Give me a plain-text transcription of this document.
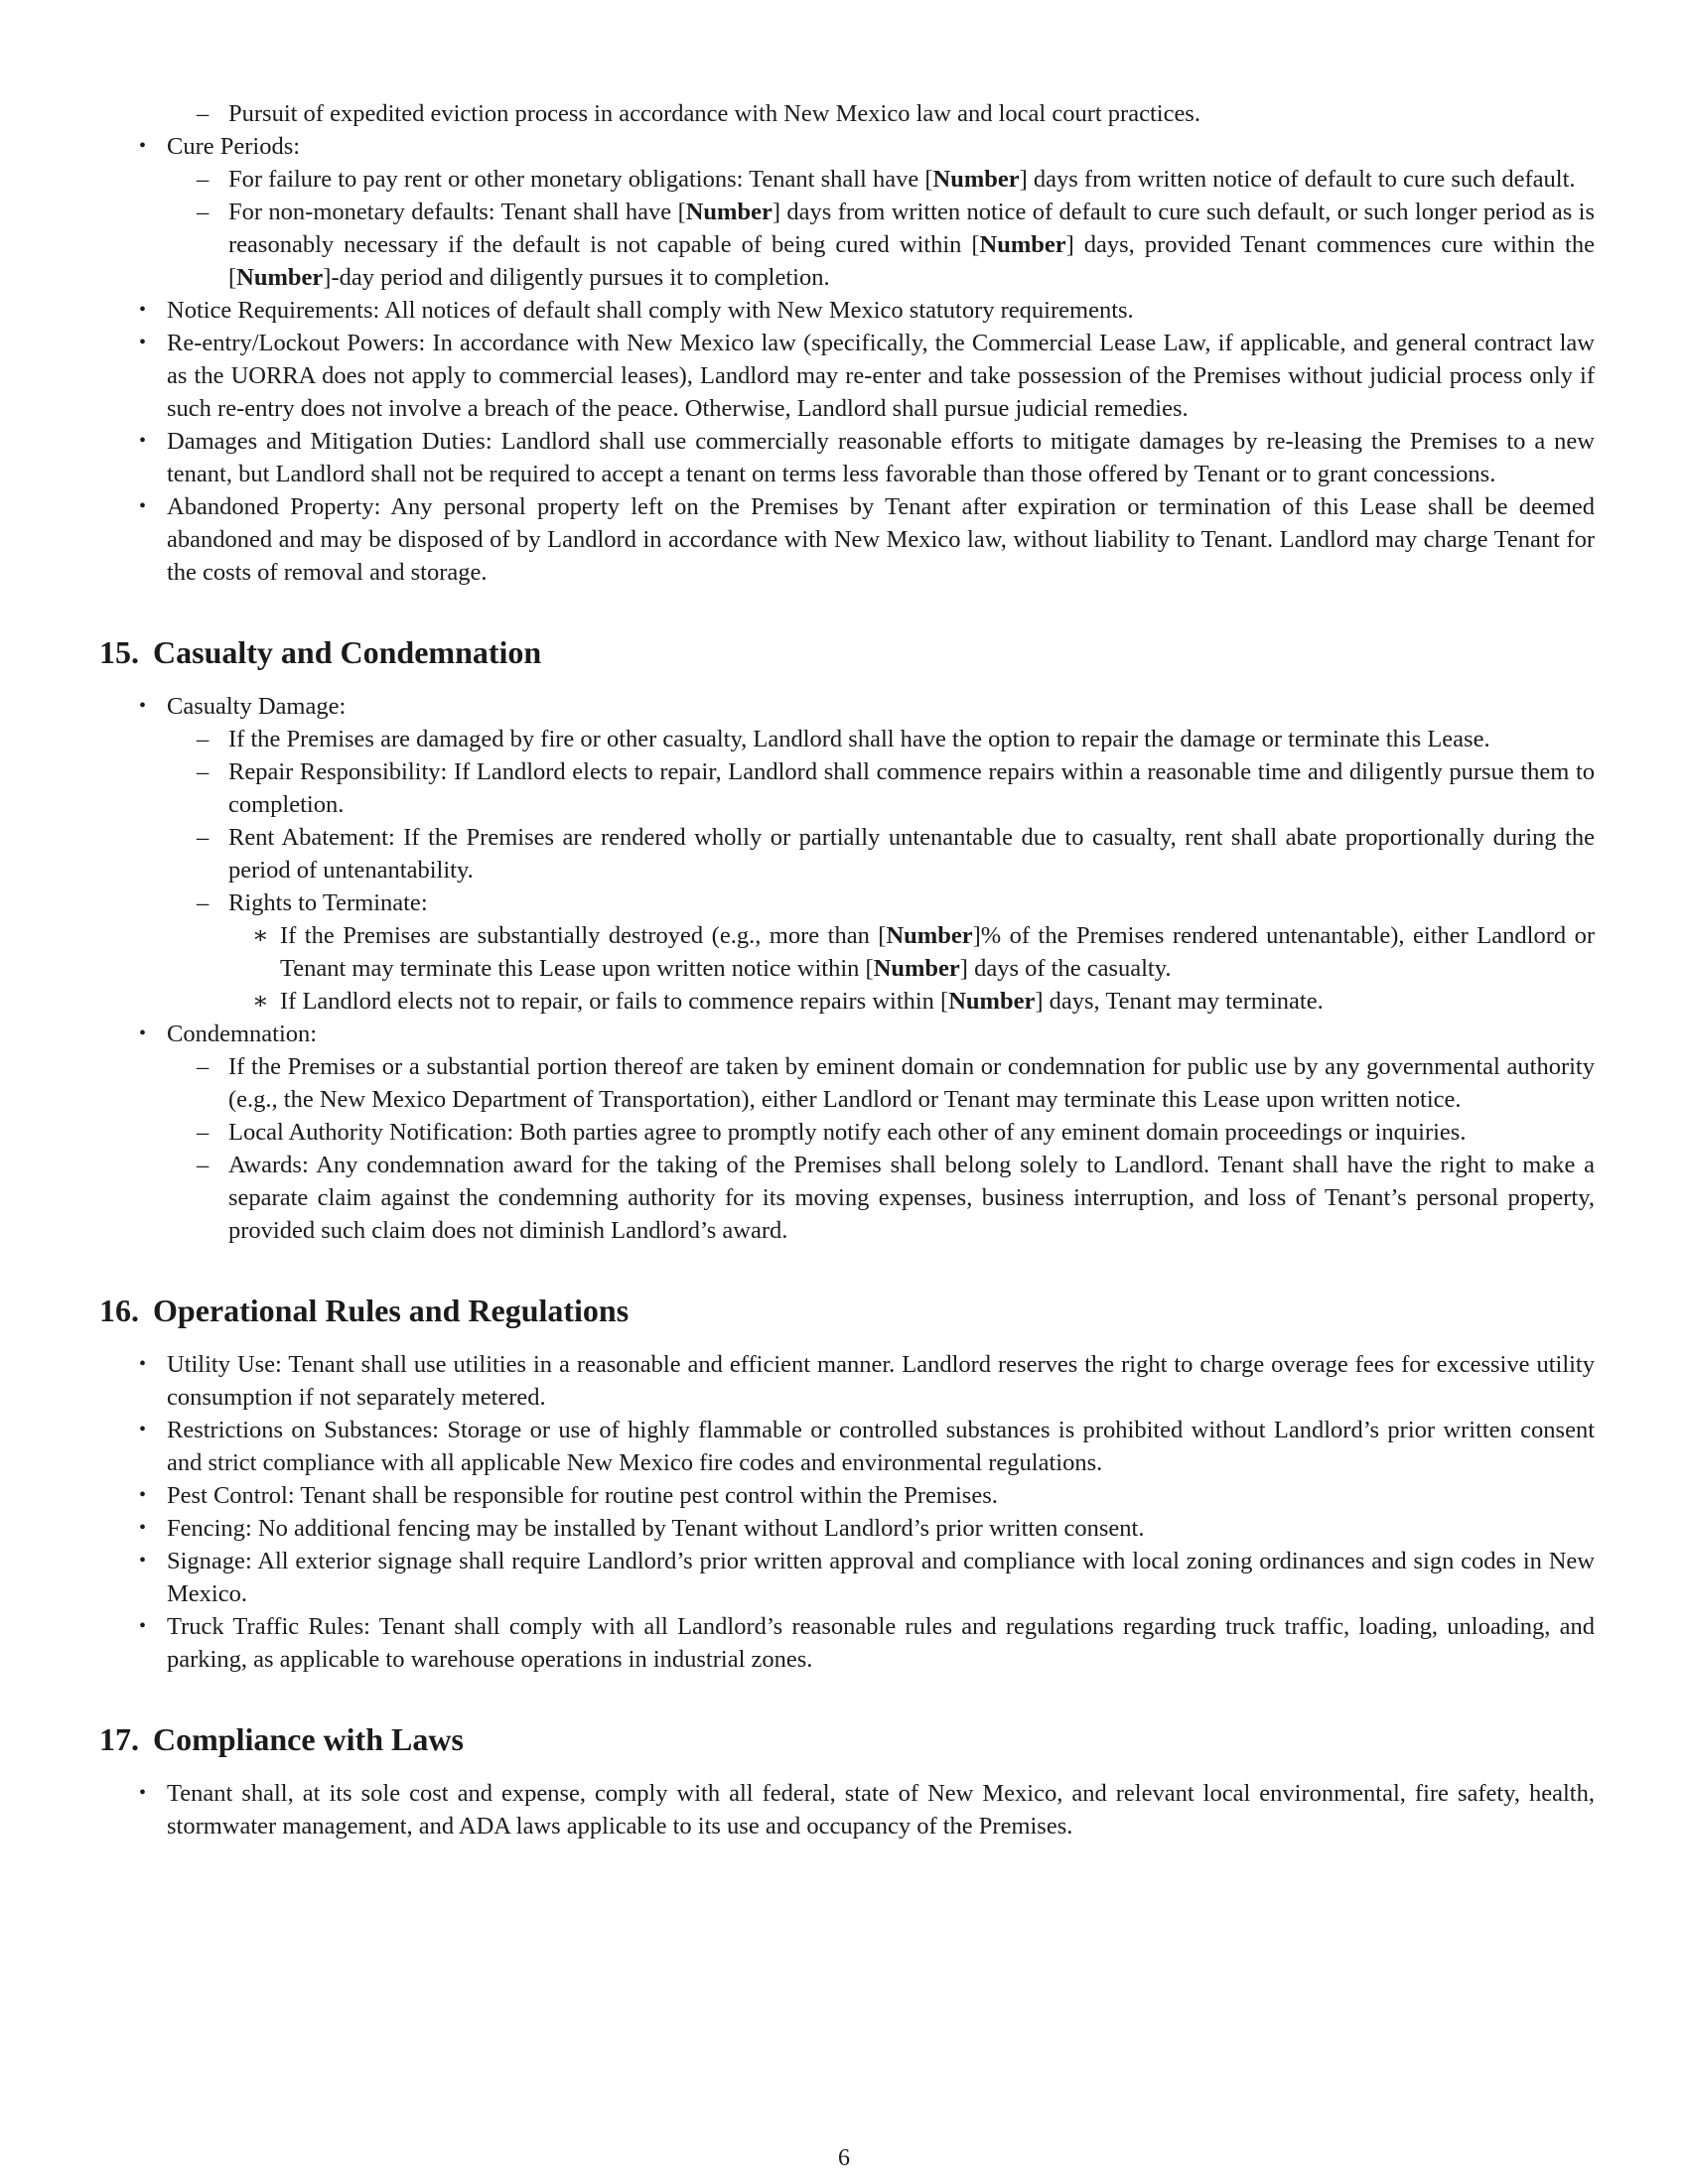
– Pursuit of expedited eviction process in accordance with New Mexico law and local court practices.
• Cure Periods:
– For failure to pay rent or other monetary obligations: Tenant shall have [Number] days from written notice of default to cure such default.
– For non-monetary defaults: Tenant shall have [Number] days from written notice of default to cure such default, or such longer period as is reasonably necessary if the default is not capable of being cured within [Number] days, provided Tenant commences cure within the [Number]-day period and diligently pursues it to completion.
• Notice Requirements: All notices of default shall comply with New Mexico statutory requirements.
• Re-entry/Lockout Powers: In accordance with New Mexico law (specifically, the Commercial Lease Law, if applicable, and general contract law as the UORRA does not apply to commercial leases), Landlord may re-enter and take possession of the Premises without judicial process only if such re-entry does not involve a breach of the peace. Otherwise, Landlord shall pursue judicial remedies.
• Damages and Mitigation Duties: Landlord shall use commercially reasonable efforts to mitigate damages by re-leasing the Premises to a new tenant, but Landlord shall not be required to accept a tenant on terms less favorable than those offered by Tenant or to grant concessions.
• Abandoned Property: Any personal property left on the Premises by Tenant after expiration or termination of this Lease shall be deemed abandoned and may be disposed of by Landlord in accordance with New Mexico law, without liability to Tenant. Landlord may charge Tenant for the costs of removal and storage.
15. Casualty and Condemnation
• Casualty Damage:
– If the Premises are damaged by fire or other casualty, Landlord shall have the option to repair the damage or terminate this Lease.
– Repair Responsibility: If Landlord elects to repair, Landlord shall commence repairs within a reasonable time and diligently pursue them to completion.
– Rent Abatement: If the Premises are rendered wholly or partially untenantable due to casualty, rent shall abate proportionally during the period of untenantability.
– Rights to Terminate:
∗ If the Premises are substantially destroyed (e.g., more than [Number]% of the Premises rendered untenantable), either Landlord or Tenant may terminate this Lease upon written notice within [Number] days of the casualty.
∗ If Landlord elects not to repair, or fails to commence repairs within [Number] days, Tenant may terminate.
• Condemnation:
– If the Premises or a substantial portion thereof are taken by eminent domain or condemnation for public use by any governmental authority (e.g., the New Mexico Department of Transportation), either Landlord or Tenant may terminate this Lease upon written notice.
– Local Authority Notification: Both parties agree to promptly notify each other of any eminent domain proceedings or inquiries.
– Awards: Any condemnation award for the taking of the Premises shall belong solely to Landlord. Tenant shall have the right to make a separate claim against the condemning authority for its moving expenses, business interruption, and loss of Tenant’s personal property, provided such claim does not diminish Landlord’s award.
16. Operational Rules and Regulations
• Utility Use: Tenant shall use utilities in a reasonable and efficient manner. Landlord reserves the right to charge overage fees for excessive utility consumption if not separately metered.
• Restrictions on Substances: Storage or use of highly flammable or controlled substances is prohibited without Landlord’s prior written consent and strict compliance with all applicable New Mexico fire codes and environmental regulations.
• Pest Control: Tenant shall be responsible for routine pest control within the Premises.
• Fencing: No additional fencing may be installed by Tenant without Landlord’s prior written consent.
• Signage: All exterior signage shall require Landlord’s prior written approval and compliance with local zoning ordinances and sign codes in New Mexico.
• Truck Traffic Rules: Tenant shall comply with all Landlord’s reasonable rules and regulations regarding truck traffic, loading, unloading, and parking, as applicable to warehouse operations in industrial zones.
17. Compliance with Laws
• Tenant shall, at its sole cost and expense, comply with all federal, state of New Mexico, and relevant local environmental, fire safety, health, stormwater management, and ADA laws applicable to its use and occupancy of the Premises.
6
